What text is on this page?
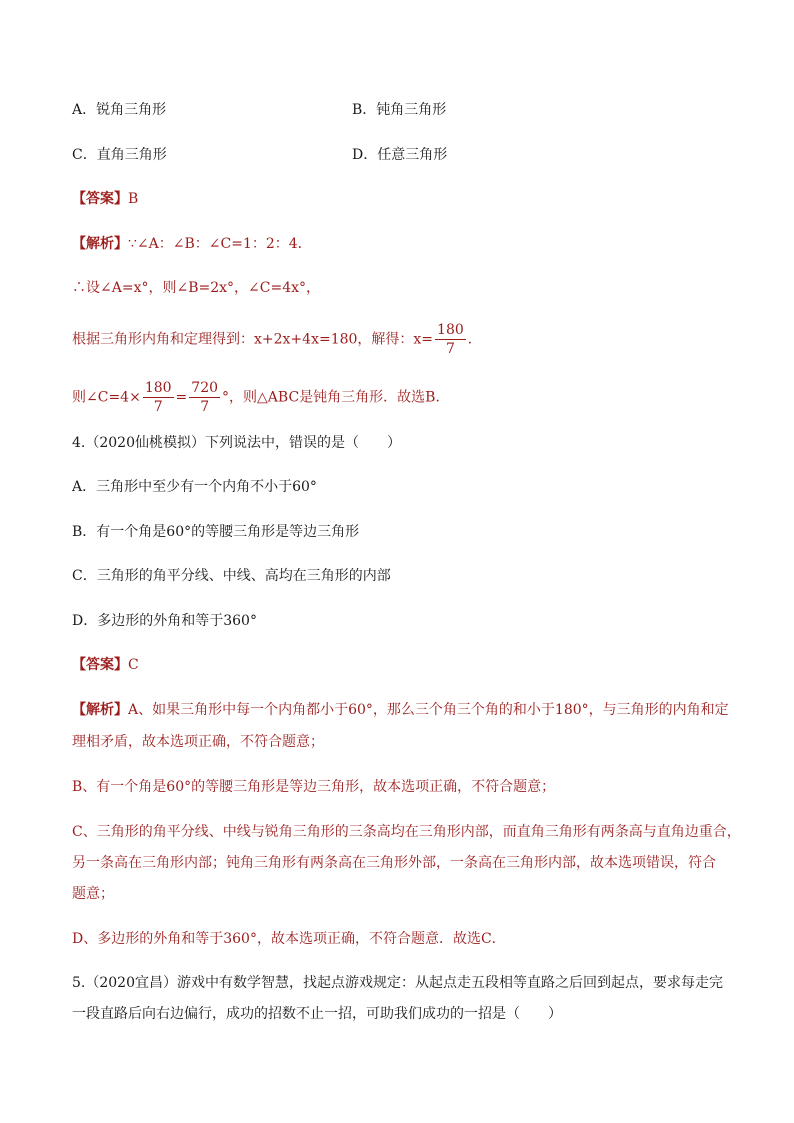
A．锐角三角形	B．钝角三角形
C．直角三角形	D．任意三角形
【答案】B
【解析】∵∠A：∠B：∠C=1：2：4．
∴设∠A=x°，则∠B=2x°，∠C=4x°，
根据三角形内角和定理得到：x+2x+4x=180，解得：$x= \frac{180}{7}$ ．
则∠C=4× $\frac{180}{7} = \frac{720}{7}$ °，则△ABC是钝角三角形．故选B．
4.（2020仙桃模拟）下列说法中，错误的是（　　）
A．三角形中至少有一个内角不小于60°
B．有一个角是60°的等腰三角形是等边三角形
C．三角形的角平分线、中线、高均在三角形的内部
D．多边形的外角和等于360°
【答案】C
【解析】A、如果三角形中每一个内角都小于60°，那么三个角三个角的和小于180°，与三角形的内角和定
理相矛盾，故本选项正确，不符合题意；
B、有一个角是60°的等腰三角形是等边三角形，故本选项正确，不符合题意；
C、三角形的角平分线、中线与锐角三角形的三条高均在三角形内部，而直角三角形有两条高与直角边重合，
另一条高在三角形内部；钝角三角形有两条高在三角形外部，一条高在三角形内部，故本选项错误，符合
题意；
D、多边形的外角和等于360°，故本选项正确，不符合题意．故选C．
5.（2020宜昌）游戏中有数学智慧，找起点游戏规定：从起点走五段相等直路之后回到起点，要求每走完
一段直路后向右边偏行，成功的招数不止一招，可助我们成功的一招是（　　）
